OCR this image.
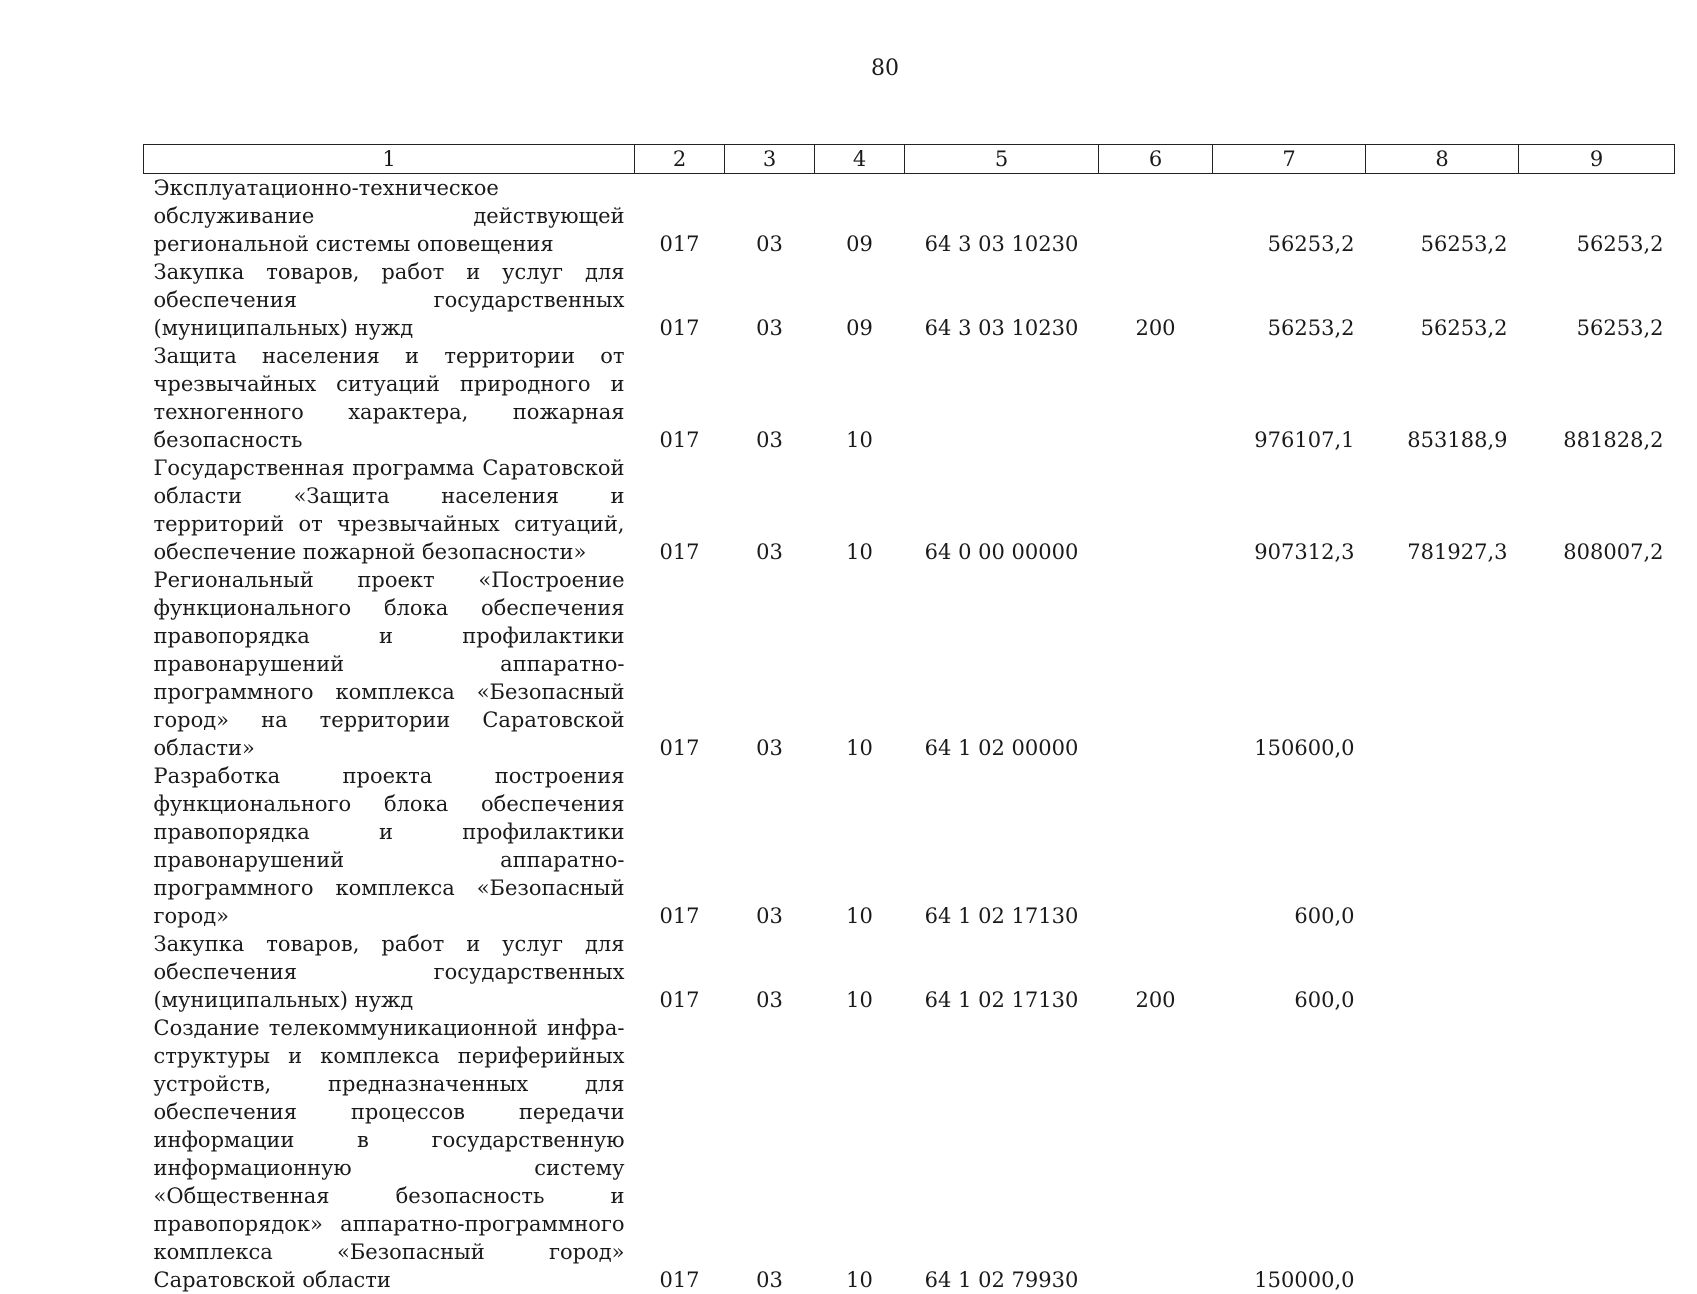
80
1	2	3	4	5	6	7	8	9
Эксплуатационно-техническое обслуживание действующей региональной системы оповещения	017	03	09	64 3 03 10230		56253,2	56253,2	56253,2
Закупка товаров, работ и услуг для обеспечения государственных (муниципальных) нужд	017	03	09	64 3 03 10230	200	56253,2	56253,2	56253,2
Защита населения и территории от чрезвычайных ситуаций природного и техногенного характера, пожарная безопасность	017	03	10			976107,1	853188,9	881828,2
Государственная программа Саратовской области «Защита населения и территорий от чрезвычайных ситуаций, обеспечение пожарной безопасности»	017	03	10	64 0 00 00000		907312,3	781927,3	808007,2
Региональный проект «Построение функционального блока обеспечения правопорядка и профилактики правонарушений аппаратно-программного комплекса «Безопасный город» на территории Саратовской области»	017	03	10	64 1 02 00000		150600,0		
Разработка проекта построения функционального блока обеспечения правопорядка и профилактики правонарушений аппаратно-программного комплекса «Безопасный город»	017	03	10	64 1 02 17130		600,0		
Закупка товаров, работ и услуг для обеспечения государственных (муниципальных) нужд	017	03	10	64 1 02 17130	200	600,0		
Создание телекоммуникационной инфраструктуры и комплекса периферийных устройств, предназначенных для обеспечения процессов передачи информации в государственную информационную систему «Общественная безопасность и правопорядок» аппаратно-программного комплекса «Безопасный город» Саратовской области	017	03	10	64 1 02 79930		150000,0		
